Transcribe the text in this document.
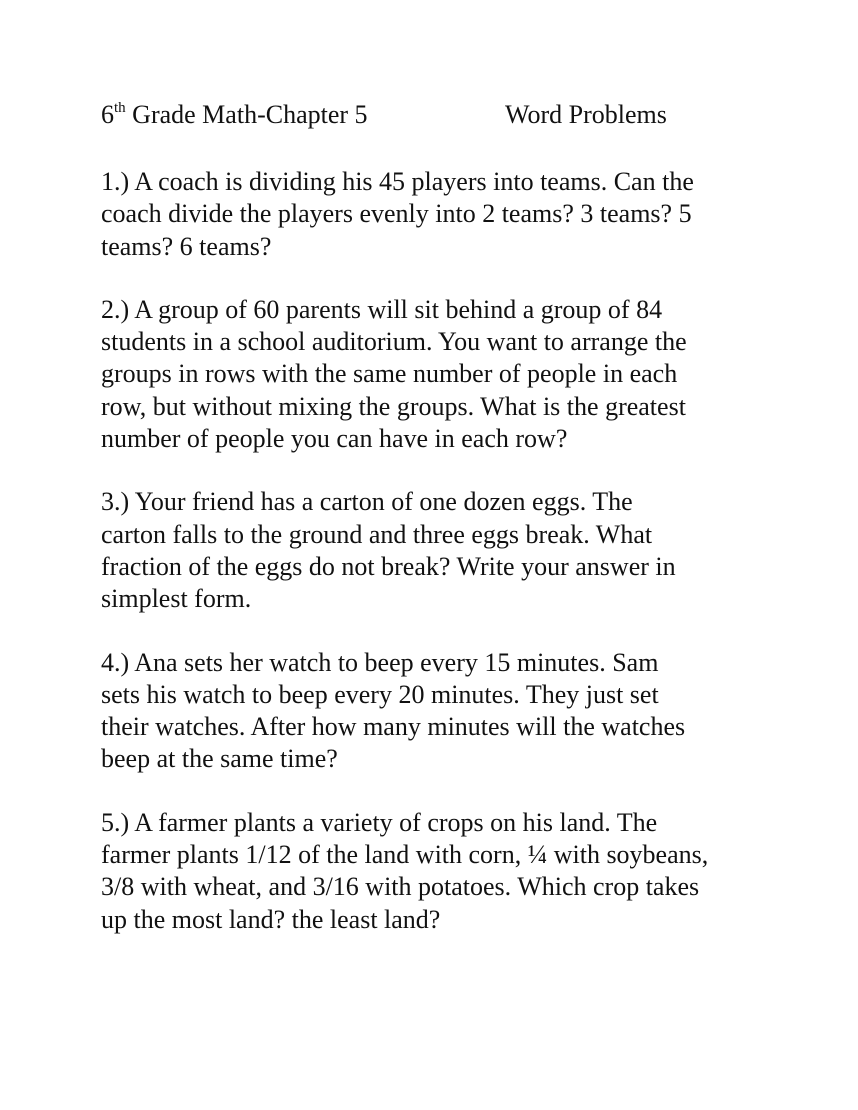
6th Grade Math-Chapter 5	Word Problems

1.) A coach is dividing his 45 players into teams. Can the
coach divide the players evenly into 2 teams? 3 teams? 5
teams? 6 teams?

2.) A group of 60 parents will sit behind a group of 84
students in a school auditorium. You want to arrange the
groups in rows with the same number of people in each
row, but without mixing the groups. What is the greatest
number of people you can have in each row?

3.) Your friend has a carton of one dozen eggs. The
carton falls to the ground and three eggs break. What
fraction of the eggs do not break? Write your answer in
simplest form.

4.) Ana sets her watch to beep every 15 minutes. Sam
sets his watch to beep every 20 minutes. They just set
their watches. After how many minutes will the watches
beep at the same time?

5.) A farmer plants a variety of crops on his land. The
farmer plants 1/12 of the land with corn, ¼ with soybeans,
3/8 with wheat, and 3/16 with potatoes. Which crop takes
up the most land? the least land?
